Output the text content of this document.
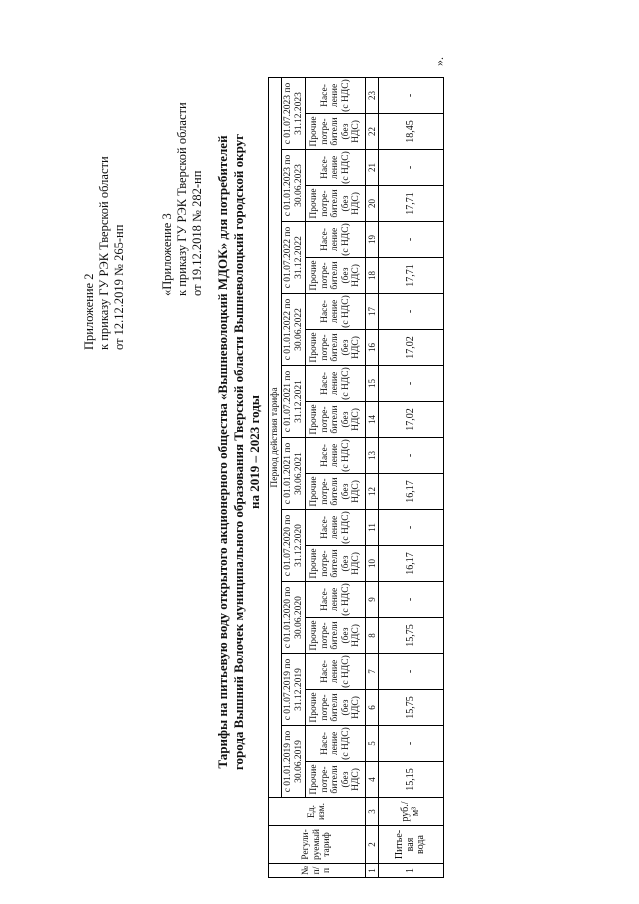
Приложение 2 к приказу ГУ РЭК Тверской области от 12.12.2019 № 265-нп	«Приложение 3 к приказу ГУ РЭК Тверской области от 19.12.2018 № 282-нп Тарифы на питьевую воду открытого акционерного общества «Вышневолоцкий МДОК» для потребителей города Вышний Волочек муниципального образования Тверской области Вышневолоцкий городской округ на 2019 – 2023 годы
№ п/п	Регули-руемый тариф	Ед. изм.	Период действия тарифа																			
			с 01.01.2019 по 30.06.2019		с 01.07.2019 по 31.12.2019		с 01.01.2020 по 30.06.2020		с 01.07.2020 по 31.12.2020		с 01.01.2021 по 30.06.2021		с 01.07.2021 по 31.12.2021		с 01.01.2022 по 30.06.2022		с 01.07.2022 по 31.12.2022		с 01.01.2023 по 30.06.2023		с 01.07.2023 по 31.12.2023	
			Прочие потре-бители (без НДС)	Насе-ление (с НДС)	Прочие потре-бители (без НДС)	Насе-ление (с НДС)	Прочие потре-бители (без НДС)	Насе-ление (с НДС)	Прочие потре-бители (без НДС)	Насе-ление (с НДС)	Прочие потре-бители (без НДС)	Насе-ление (с НДС)	Прочие потре-бители (без НДС)	Насе-ление (с НДС)	Прочие потре-бители (без НДС)	Насе-ление (с НДС)	Прочие потре-бители (без НДС)	Насе-ление (с НДС)	Прочие потре-бители (без НДС)	Насе-ление (с НДС)	Прочие потре-бители (без НДС)	Насе-ление (с НДС)
1	2	3	4	5	6	7	8	9	10	11	12	13	14	15	16	17	18	19	20	21	22	23
1	Питье-вая вода	руб./м³	15,15	-	15,75	-	15,75	-	16,17	-	16,17	-	17,02	-	17,02	-	17,71	-	17,71	-	18,45	-
».
